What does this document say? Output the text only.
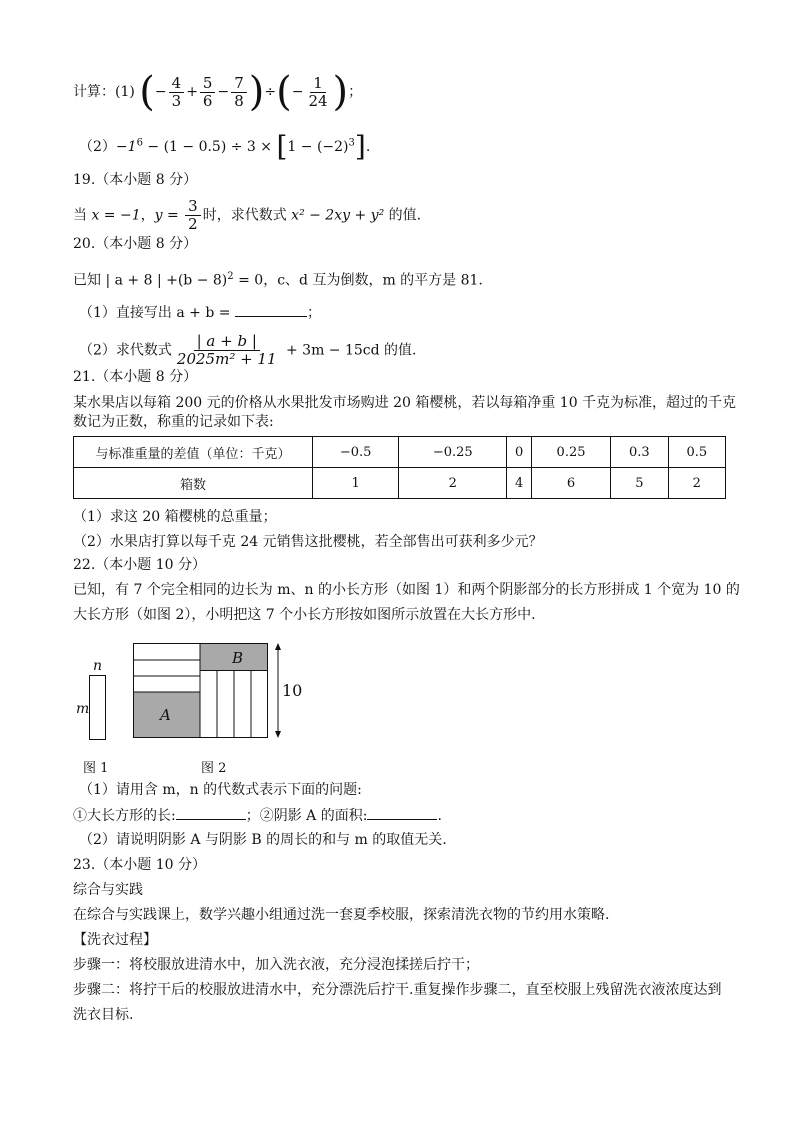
计算：(1) (− $\frac{4}{3} + \frac{5}{6} - \frac{7}{8}$ )÷(− $\frac{1}{24}$ )；
$(2)-1^6 - (1 - 0.5) \div 3 \times [1 - (-2)^3]$.
19.（本小题 8 分）
当 x = −1，$y = \frac{3}{2}$ 时，求代数式 x² − 2xy + y² 的值.
20.（本小题 8 分）
已知 | a + 8 | $+(b - 8)^2 = 0$，c、d 互为倒数，m 的平方是 81.
（1）直接写出 a + b =	；
（2）求代数式 $\frac{| a + b |}{\text{2025m² + 11}} + 3m - 15cd$ 的值.
21.（本小题 8 分）
某水果店以每箱 200 元的价格从水果批发市场购进 20 箱樱桃，若以每箱净重 10 千克为标准，超过的千克
数记为正数，称重的记录如下表:
与标准重量的差值（单位：千克）	−0.5	−0.25	0	0.25	0.3	0.5
箱数	1	2	4	6	5	2
（1）求这 20 箱樱桃的总重量；
（2）水果店打算以每千克 24 元销售这批樱桃，若全部售出可获利多少元？
22.（本小题 10 分）
已知，有 7 个完全相同的边长为 m、n 的小长方形（如图 1）和两个阴影部分的长方形拼成 1 个宽为 10 的
大长方形（如图 2），小明把这 7 个小长方形按如图所示放置在大长方形中.
n
m
B
A
10
图 1	图 2
（1）请用含 m，n 的代数式表示下面的问题:
①大长方形的长:	；②阴影 A 的面积:	.
（2）请说明阴影 A 与阴影 B 的周长的和与 m 的取值无关.
23.（本小题 10 分）
综合与实践
在综合与实践课上，数学兴趣小组通过洗一套夏季校服，探索清洗衣物的节约用水策略.
【洗衣过程】
步骤一：将校服放进清水中，加入洗衣液，充分浸泡揉搓后拧干；
步骤二：将拧干后的校服放进清水中，充分漂洗后拧干.重复操作步骤二，直至校服上残留洗衣液浓度达到
洗衣目标.
